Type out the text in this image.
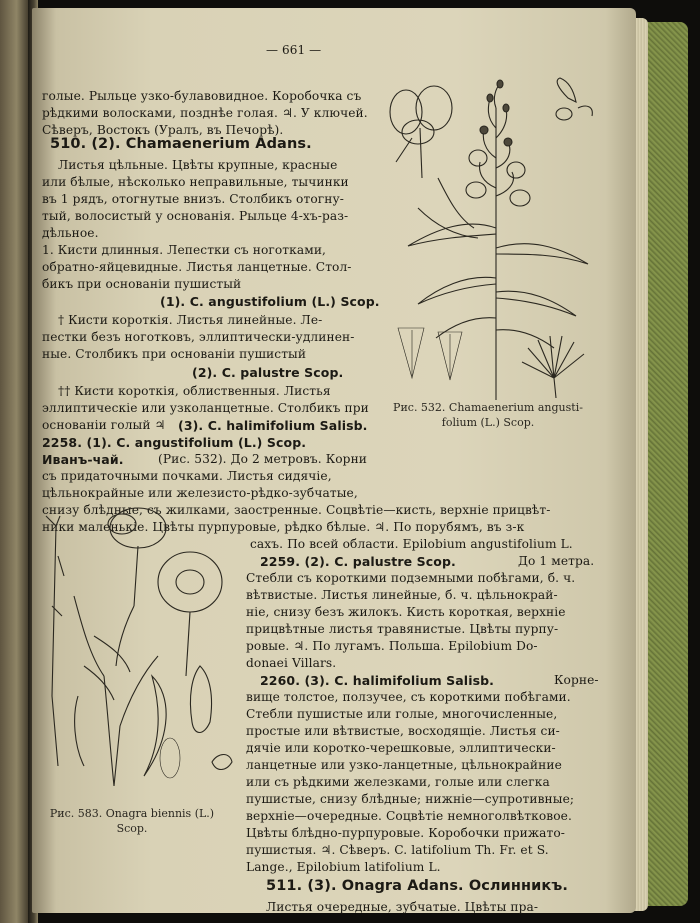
— 661 —
голые. Рыльце узко-булавовидное. Коробочка съ
рѣдкими волосками, позднѣе голая. ♃. У ключей.
Сѣверъ, Востокъ (Уралъ, въ Печорѣ).
510. (2). Chamaenerium Adans.
Листья цѣльные. Цвѣты крупные, красные
или бѣлые, нѣсколько неправильные, тычинки
въ 1 рядъ, отогнутые внизъ. Столбикъ отогну-
тый, волосистый у основанія. Рыльце 4-хъ-раз-
дѣльное.
1. Кисти длинныя. Лепестки съ ноготками,
обратно-яйцевидные. Листья ланцетные. Стол-
бикъ при основаніи пушистый
(1). C. angustifolium (L.) Scop.
† Кисти короткія. Листья линейные. Ле-
пестки безъ ноготковъ, эллиптически-удлинен-
ные. Столбикъ при основаніи пушистый
(2). C. palustre Scop.
†† Кисти короткія, облиственныя. Листья
эллиптическіе или узколанцетные. Столбикъ при
основаніи голый ♃ (3). C. halimifolium Salisb.
2258. (1). C. angustifolium (L.) Scop.
Иванъ-чай.	(Рис. 532). До 2 метровъ. Корни
съ придаточными почками. Листья сидячіе,
цѣльнокрайные или железисто-рѣдко-зубчатые,
снизу блѣдные, съ жилками, заостренные. Соцвѣтіе—кисть, верхніе прицвѣт-
ники маленькіе. Цвѣты пурпуровые, рѣдко бѣлые. ♃. По порубямъ, въ з-к
сахъ. По всей области. Epilobium angustifolium L.
2259. (2). C. palustre Scop.	До 1 метра.
Стебли съ короткими подземными побѣгами, б. ч.
вѣтвистые. Листья линейные, б. ч. цѣльнокрай-
ніе, снизу безъ жилокъ. Кисть короткая, верхніе
прицвѣтные листья травянистые. Цвѣты пурпу-
ровые. ♃. По лугамъ. Польша. Epilobium Do-
donaei Villars.
2260. (3). C. halimifolium Salisb.	Корне-
вище толстое, ползучее, съ короткими побѣгами.
Стебли пушистые или голые, многочисленные,
простые или вѣтвистые, восходящіе. Листья си-
дячіе или коротко-черешковые, эллиптически-
ланцетные или узко-ланцетные, цѣльнокрайние
или съ рѣдкими железками, голые или слегка
пушистые, снизу блѣдные; нижніе—супротивные;
верхніе—очередные. Соцвѣтіе немноголвѣтковое.
Цвѣты блѣдно-пурпуровые. Коробочки прижато-
пушистыя. ♃. Сѣверъ. C. latifolium Th. Fr. et S.
Lange., Epilobium latifolium L.
511. (3). Onagra Adans. Ослинникъ.
Листья очередные, зубчатые. Цвѣты пра-
Рис. 532. Chamaenerium angusti-
folium (L.) Scop.
Рис. 583. Onagra biennis (L.)
Scop.
